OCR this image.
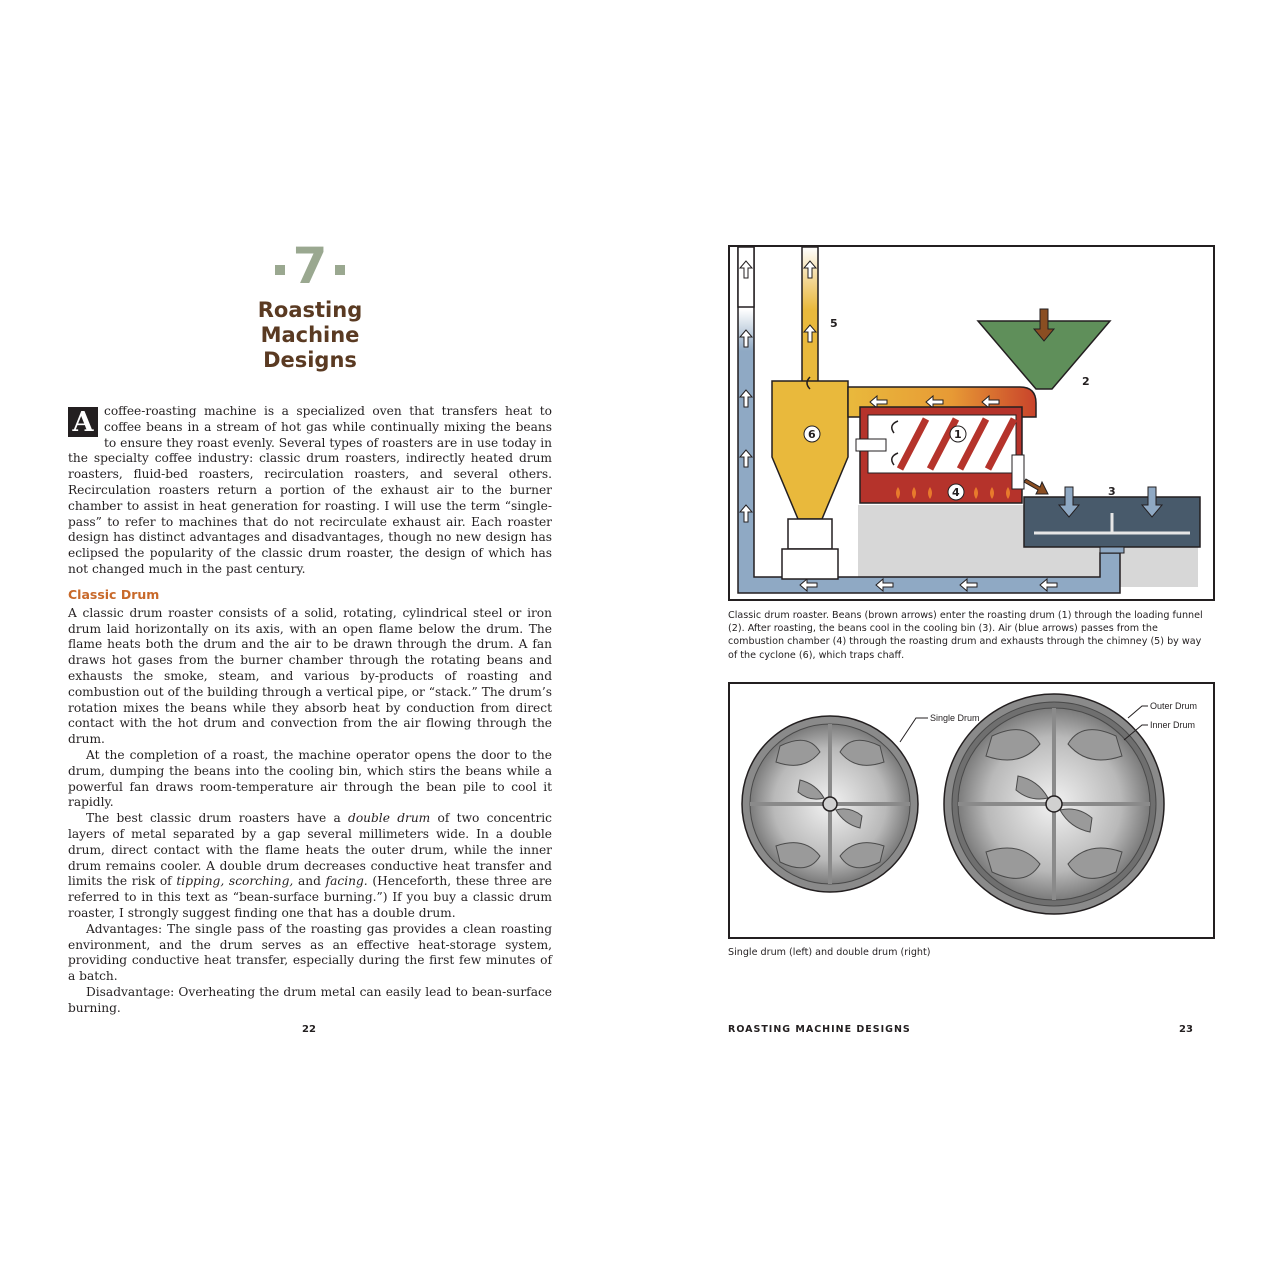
7
Roasting
Machine
Designs

A coffee-roasting machine is a specialized oven that transfers heat to coffee beans in a stream of hot gas while continually mixing the beans to ensure they roast evenly. Several types of roasters are in use today in the specialty coffee industry: classic drum roasters, indirectly heated drum roasters, fluid-bed roasters, recirculation roasters, and several others. Recirculation roasters return a portion of the exhaust air to the burner chamber to assist in heat generation for roasting. I will use the term “single-pass” to refer to machines that do not recirculate exhaust air. Each roaster design has distinct advantages and disadvantages, though no new design has eclipsed the popularity of the classic drum roaster, the design of which has not changed much in the past century.

Classic Drum

A classic drum roaster consists of a solid, rotating, cylindrical steel or iron drum laid horizontally on its axis, with an open flame below the drum. The flame heats both the drum and the air to be drawn through the drum. A fan draws hot gases from the burner chamber through the rotating beans and exhausts the smoke, steam, and various by-products of roasting and combustion out of the building through a vertical pipe, or “stack.” The drum’s rotation mixes the beans while they absorb heat by conduction from direct contact with the hot drum and convection from the air flowing through the drum.

At the completion of a roast, the machine operator opens the door to the drum, dumping the beans into the cooling bin, which stirs the beans while a powerful fan draws room-temperature air through the bean pile to cool it rapidly.

The best classic drum roasters have a double drum of two concentric layers of metal separated by a gap several millimeters wide. In a double drum, direct contact with the flame heats the outer drum, while the inner drum remains cooler. A double drum decreases conductive heat transfer and limits the risk of tipping, scorching, and facing. (Henceforth, these three are referred to in this text as “bean-surface burning.”) If you buy a classic drum roaster, I strongly suggest finding one that has a double drum.

Advantages: The single pass of the roasting gas provides a clean roasting environment, and the drum serves as an effective heat-storage system, providing conductive heat transfer, especially during the first few minutes of a batch.

Disadvantage: Overheating the drum metal can easily lead to bean-surface burning.

22
5
2
3
6	1
4
Classic drum roaster. Beans (brown arrows) enter the roasting drum (1) through the loading funnel (2). After roasting, the beans cool in the cooling bin (3). Air (blue arrows) passes from the combustion chamber (4) through the roasting drum and exhausts through the chimney (5) by way of the cyclone (6), which traps chaff.
Single Drum
Outer Drum
Inner Drum
Single drum (left) and double drum (right)
ROASTING MACHINE DESIGNS	23
